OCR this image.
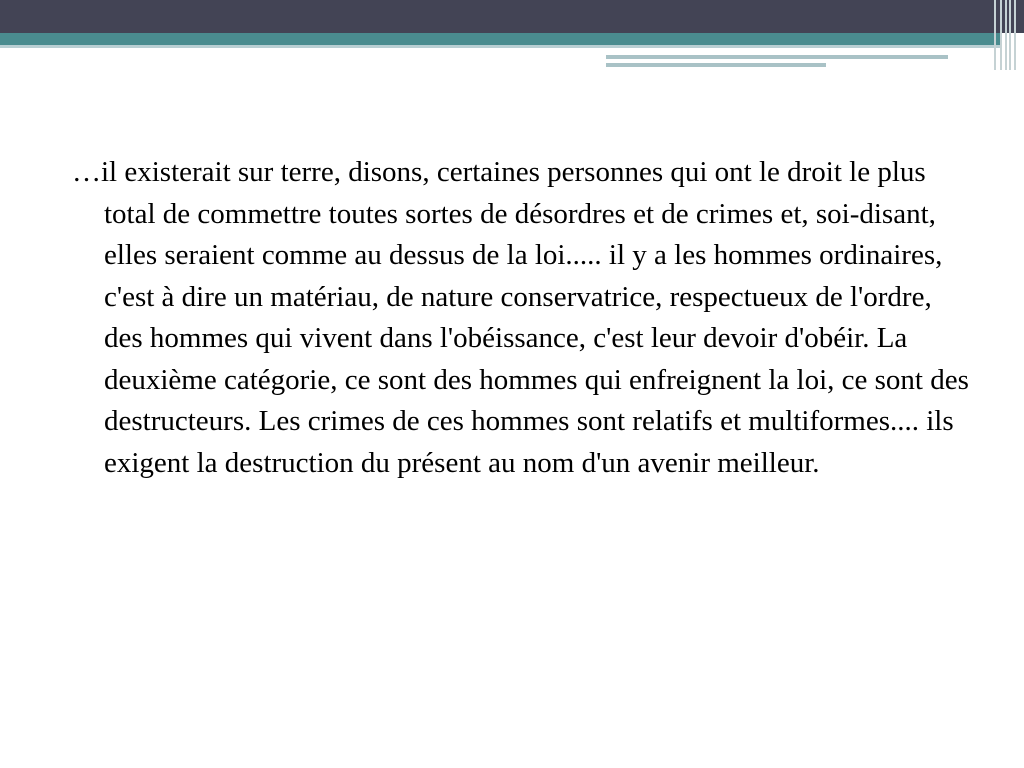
…il existerait sur terre, disons, certaines personnes qui ont le droit le plus total de commettre toutes sortes de désordres et de crimes et, soi-disant, elles seraient comme au dessus de la loi..... il y a les hommes ordinaires, c'est à dire un matériau, de nature conservatrice, respectueux de l'ordre, des hommes qui vivent dans l'obéissance, c'est leur devoir d'obéir. La deuxième catégorie, ce sont des hommes qui enfreignent la loi, ce sont des destructeurs. Les crimes de ces hommes sont relatifs et multiformes.... ils exigent la destruction du présent au nom d'un avenir meilleur.
